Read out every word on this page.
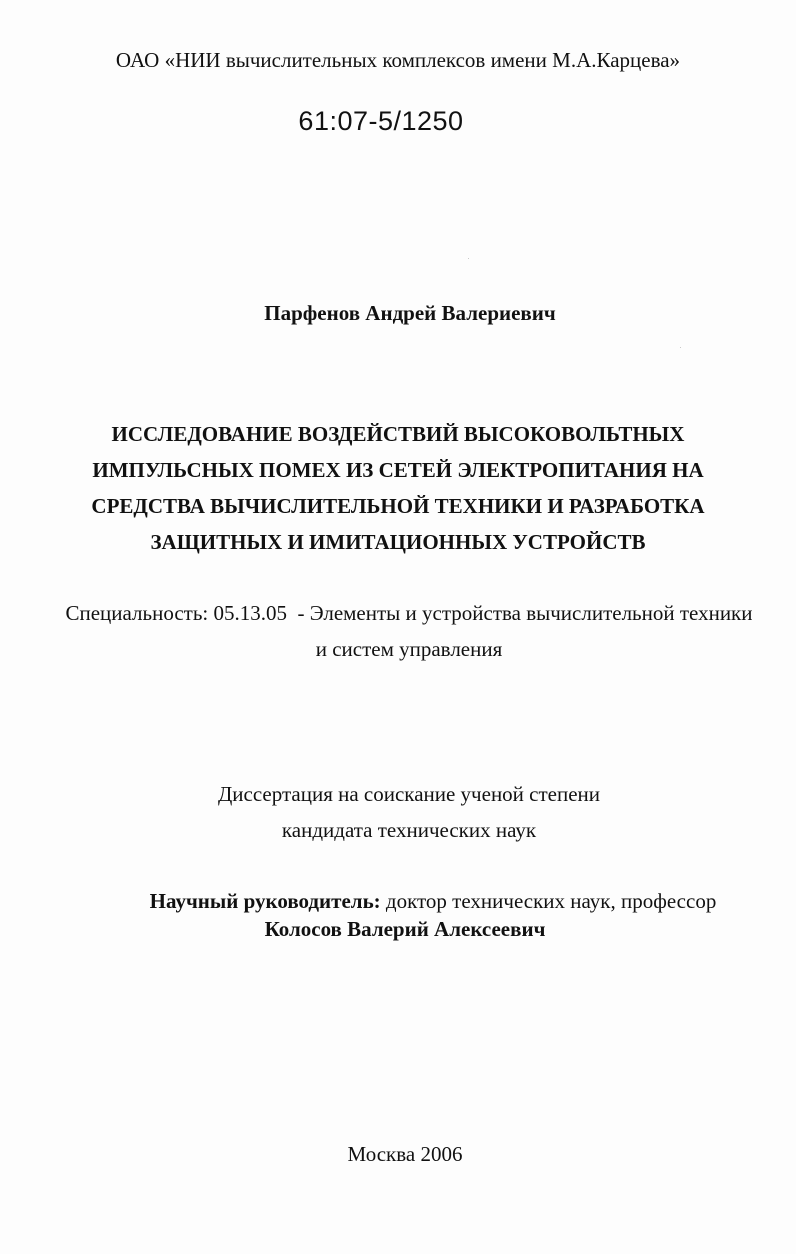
ОАО «НИИ вычислительных комплексов имени М.А.Карцева»
61:07-5/1250
Парфенов Андрей Валериевич
ИССЛЕДОВАНИЕ ВОЗДЕЙСТВИЙ ВЫСОКОВОЛЬТНЫХ
ИМПУЛЬСНЫХ ПОМЕХ ИЗ СЕТЕЙ ЭЛЕКТРОПИТАНИЯ НА
СРЕДСТВА ВЫЧИСЛИТЕЛЬНОЙ ТЕХНИКИ И РАЗРАБОТКА
ЗАЩИТНЫХ И ИМИТАЦИОННЫХ УСТРОЙСТВ
Специальность: 05.13.05  - Элементы и устройства вычислительной техники
и систем управления
Диссертация на соискание ученой степени
кандидата технических наук
Научный руководитель: доктор технических наук, профессор
Колосов Валерий Алексеевич
Москва 2006
